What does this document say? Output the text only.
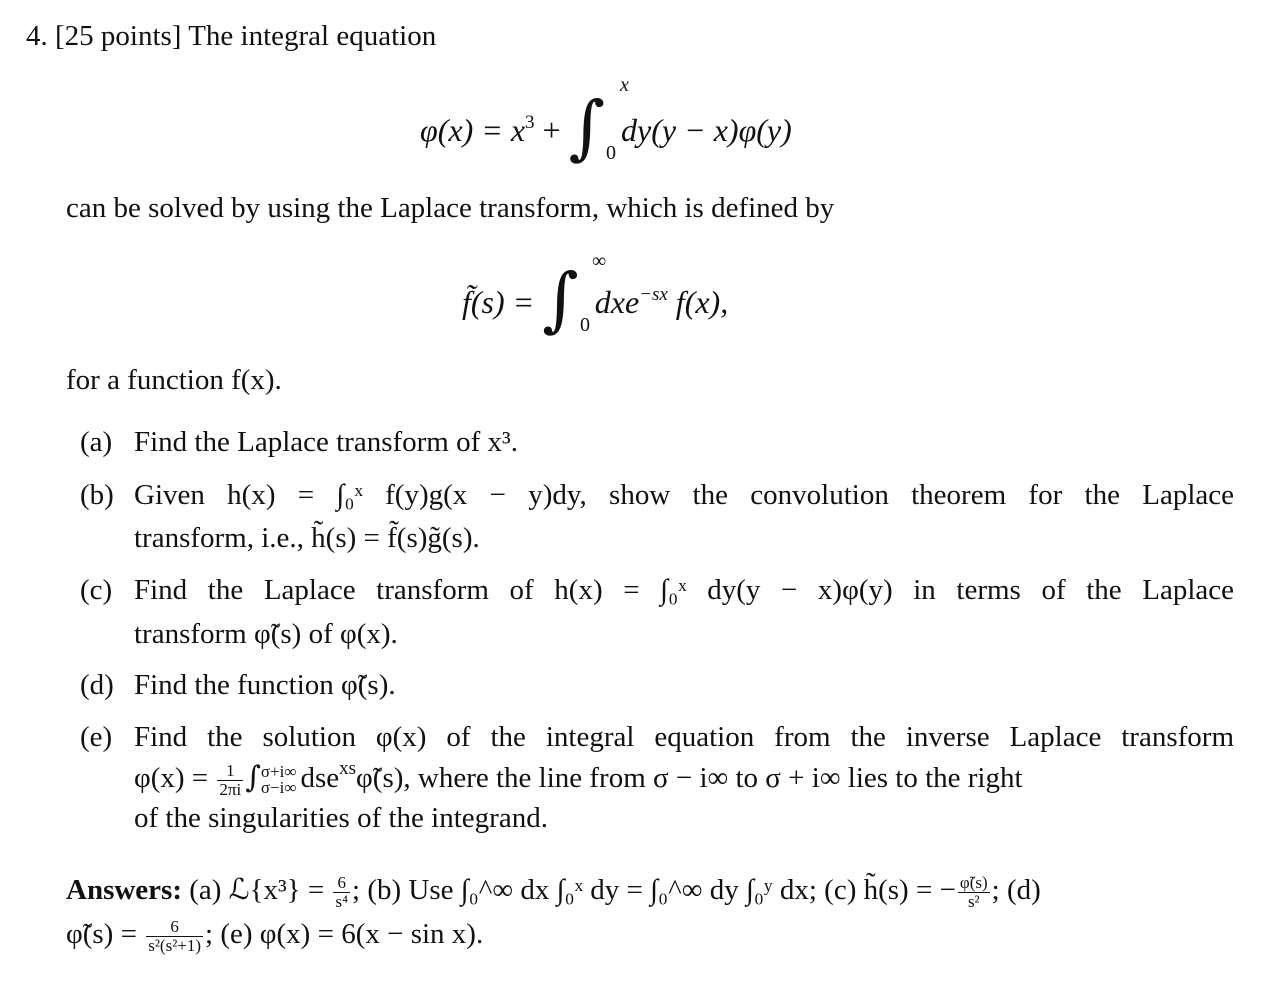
4. [25 points] The integral equation
$\varphi(x) = x^3$ + ∫
x
0
dy(y − x)φ(y)
can be solved by using the Laplace transform, which is defined by
f̃(s) = ∫ ∞
0
dxe$^{-sx}$ f(x),
for a function f(x).
(a) Find the Laplace transform of x³.
(b) Given h(x) = ∫₀ˣ f(y)g(x − y)dy, show the convolution theorem for the Laplace
transform, i.e., h̃(s) = f̃(s)g̃(s).
(c) Find the Laplace transform of h(x) = ∫₀ˣ dy(y − x)φ(y) in terms of the Laplace
transform φ̃(s) of φ(x).
(d) Find the function φ̃(s).
(e) Find the solution φ(x) of the integral equation from the inverse Laplace transform
$\varphi(x) = \frac{1}{2\pi i}$ ∫ σ+i∞
σ−i∞ dse$^{xs}$φ̃(s), where the line from σ − i∞ to σ + i∞ lies to the right
of the singularities of the integrand.
Answers: (a) ℒ{x³} = $\frac{6}{\text{s⁴}}$ ; (b) Use ∫₀^∞ dx ∫₀ˣ dy = ∫₀^∞ dy ∫₀ʸ dx; (c) h̃(s) = − $\frac{\varphĩ(s)}{\text{s²}}$ ; (d)
φ̃(s) = $\frac{6}{\text{s²(s²+1)}}$ ; (e) φ(x) = 6(x − sin x).
